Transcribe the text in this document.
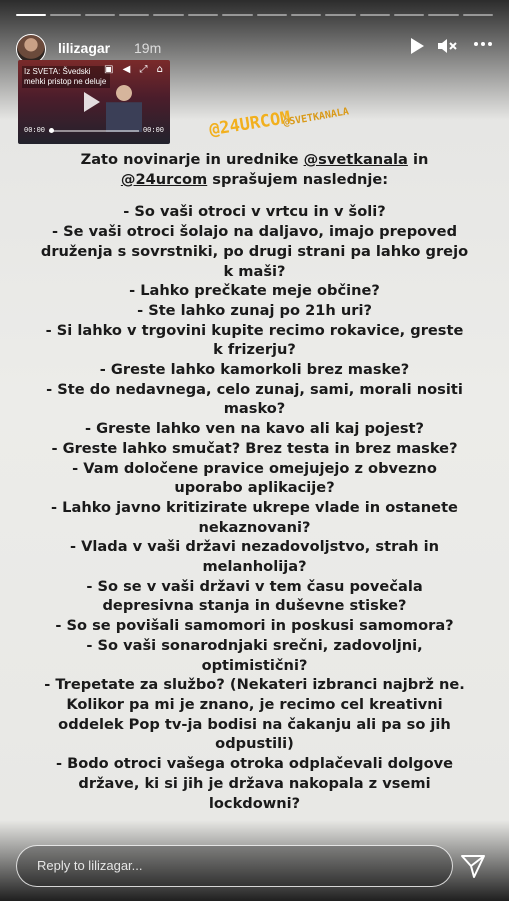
lilizagar 19m
Iz SVETA: Švedski mehki pristop ne deluje
▣ ◀ ⤢ ⌂
00:00	00:00	@24URCOM
@SVETKANALA
Zato novinarje in urednike @svetkanala in @24urcom sprašujem naslednje:
- So vaši otroci v vrtcu in v šoli?
- Se vaši otroci šolajo na daljavo, imajo prepoved druženja s sovrstniki, po drugi strani pa lahko grejo k maši?
- Lahko prečkate meje občine?
- Ste lahko zunaj po 21h uri?
- Si lahko v trgovini kupite recimo rokavice, greste k frizerju?
- Greste lahko kamorkoli brez maske?
- Ste do nedavnega, celo zunaj, sami, morali nositi masko?
- Greste lahko ven na kavo ali kaj pojest?
- Greste lahko smučat? Brez testa in brez maske?
- Vam določene pravice omejujejo z obvezno uporabo aplikacije?
- Lahko javno kritizirate ukrepe vlade in ostanete nekaznovani?
- Vlada v vaši državi nezadovoljstvo, strah in melanholija?
- So se v vaši državi v tem času povečala depresivna stanja in duševne stiske?
- So se povišali samomori in poskusi samomora?
- So vaši sonarodnjaki srečni, zadovoljni, optimistični?
- Trepetate za službo? (Nekateri izbranci najbrž ne. Kolikor pa mi je znano, je recimo cel kreativni oddelek Pop tv-ja bodisi na čakanju ali pa so jih odpustili)
- Bodo otroci vašega otroka odplačevali dolgove države, ki si jih je država nakopala z vsemi lockdowni?
Reply to lilizagar...
